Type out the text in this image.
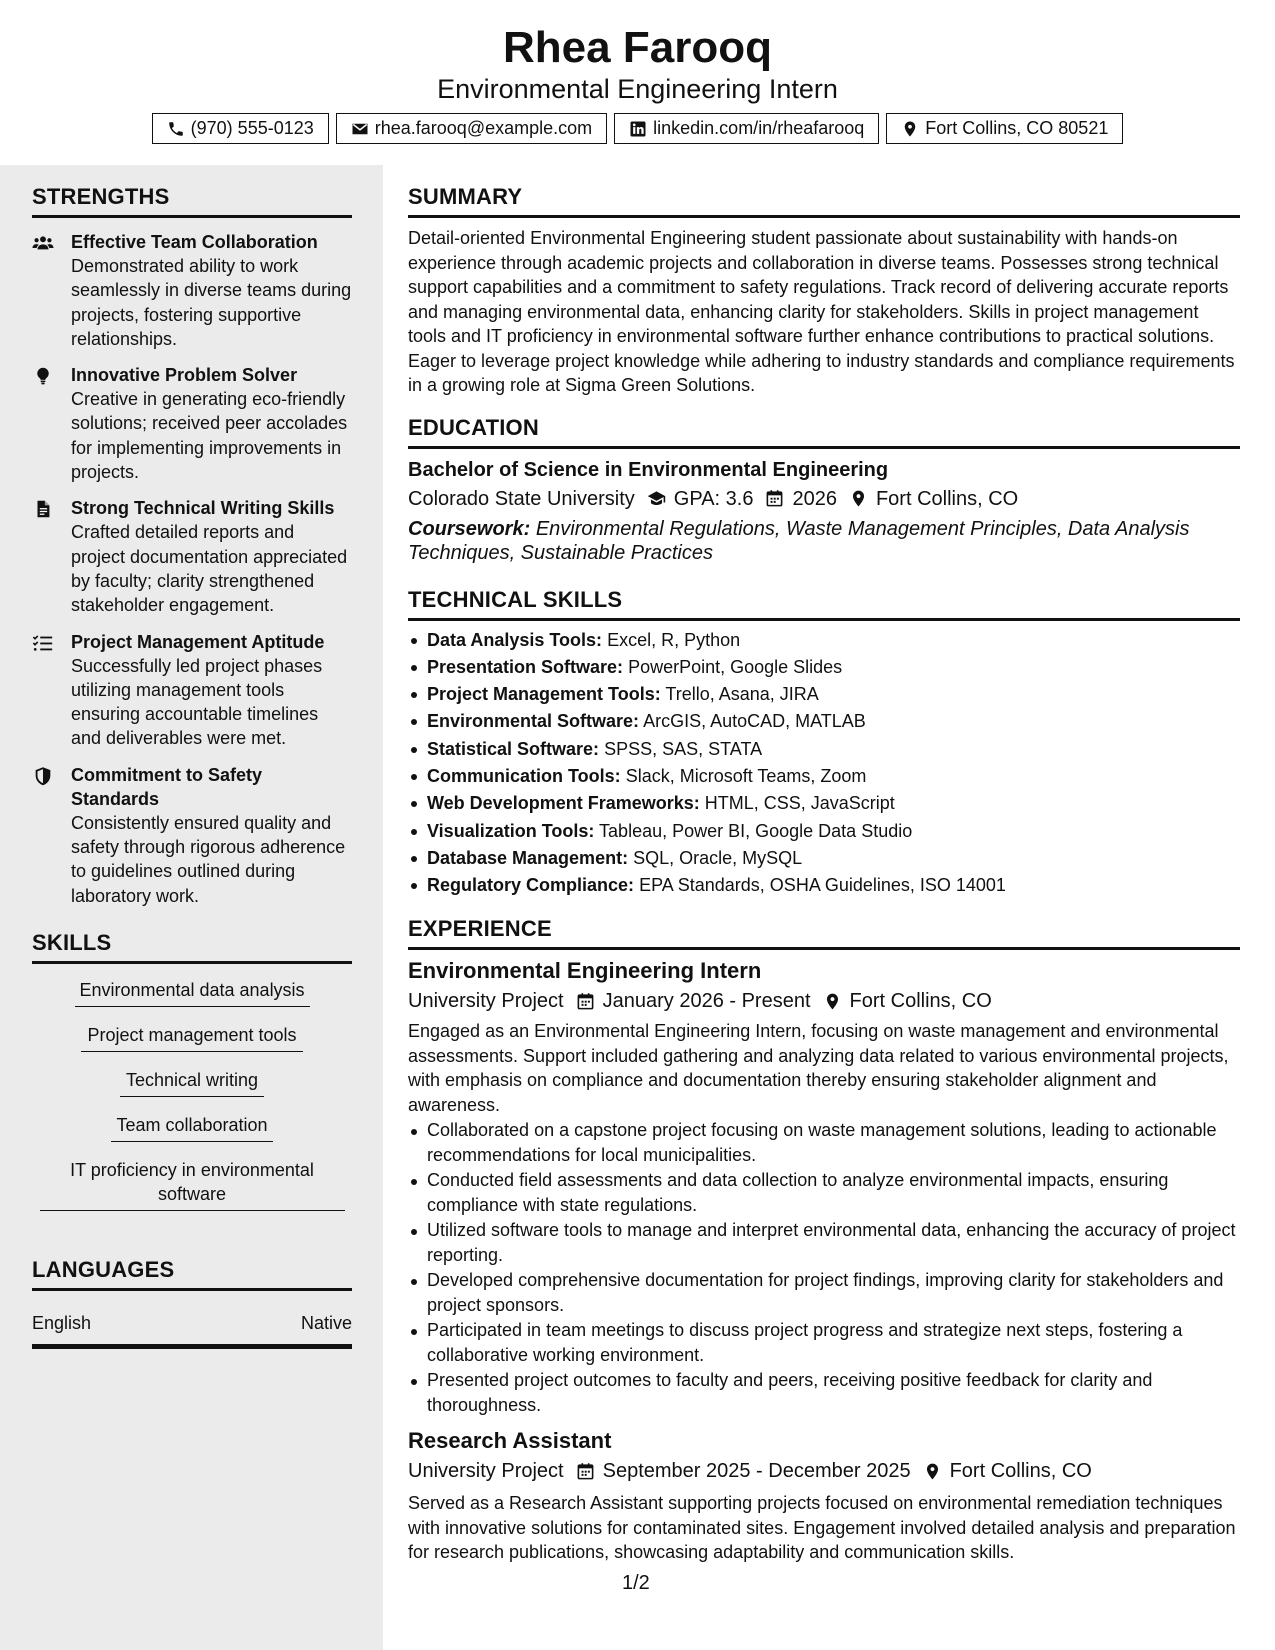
Rhea Farooq
Environmental Engineering Intern
(970) 555-0123	rhea.farooq@example.com	linkedin.com/in/rheafarooq	Fort Collins, CO 80521
STRENGTHS
Effective Team Collaboration
Demonstrated ability to work seamlessly in diverse teams during projects, fostering supportive relationships.
Innovative Problem Solver
Creative in generating eco-friendly solutions; received peer accolades for implementing improvements in projects.
Strong Technical Writing Skills
Crafted detailed reports and project documentation appreciated by faculty; clarity strengthened stakeholder engagement.
Project Management Aptitude
Successfully led project phases utilizing management tools ensuring accountable timelines and deliverables were met.
Commitment to Safety Standards
Consistently ensured quality and safety through rigorous adherence to guidelines outlined during laboratory work.
SKILLS
Environmental data analysis
Project management tools
Technical writing
Team collaboration
IT proficiency in environmental software
LANGUAGES
English	Native
SUMMARY
Detail-oriented Environmental Engineering student passionate about sustainability with hands-on experience through academic projects and collaboration in diverse teams. Possesses strong technical support capabilities and a commitment to safety regulations. Track record of delivering accurate reports and managing environmental data, enhancing clarity for stakeholders. Skills in project management tools and IT proficiency in environmental software further enhance contributions to practical solutions. Eager to leverage project knowledge while adhering to industry standards and compliance requirements in a growing role at Sigma Green Solutions.
EDUCATION
Bachelor of Science in Environmental Engineering
Colorado State University GPA: 3.6 2026 Fort Collins, CO
Coursework: Environmental Regulations, Waste Management Principles, Data Analysis Techniques, Sustainable Practices
TECHNICAL SKILLS
Data Analysis Tools: Excel, R, Python
Presentation Software: PowerPoint, Google Slides
Project Management Tools: Trello, Asana, JIRA
Environmental Software: ArcGIS, AutoCAD, MATLAB
Statistical Software: SPSS, SAS, STATA
Communication Tools: Slack, Microsoft Teams, Zoom
Web Development Frameworks: HTML, CSS, JavaScript
Visualization Tools: Tableau, Power BI, Google Data Studio
Database Management: SQL, Oracle, MySQL
Regulatory Compliance: EPA Standards, OSHA Guidelines, ISO 14001
EXPERIENCE
Environmental Engineering Intern
University Project January 2026 - Present Fort Collins, CO
Engaged as an Environmental Engineering Intern, focusing on waste management and environmental assessments. Support included gathering and analyzing data related to various environmental projects, with emphasis on compliance and documentation thereby ensuring stakeholder alignment and awareness.
Collaborated on a capstone project focusing on waste management solutions, leading to actionable recommendations for local municipalities.
Conducted field assessments and data collection to analyze environmental impacts, ensuring compliance with state regulations.
Utilized software tools to manage and interpret environmental data, enhancing the accuracy of project reporting.
Developed comprehensive documentation for project findings, improving clarity for stakeholders and project sponsors.
Participated in team meetings to discuss project progress and strategize next steps, fostering a collaborative working environment.
Presented project outcomes to faculty and peers, receiving positive feedback for clarity and thoroughness.
Research Assistant
University Project September 2025 - December 2025 Fort Collins, CO
Served as a Research Assistant supporting projects focused on environmental remediation techniques with innovative solutions for contaminated sites. Engagement involved detailed analysis and preparation for research publications, showcasing adaptability and communication skills.
1/2
